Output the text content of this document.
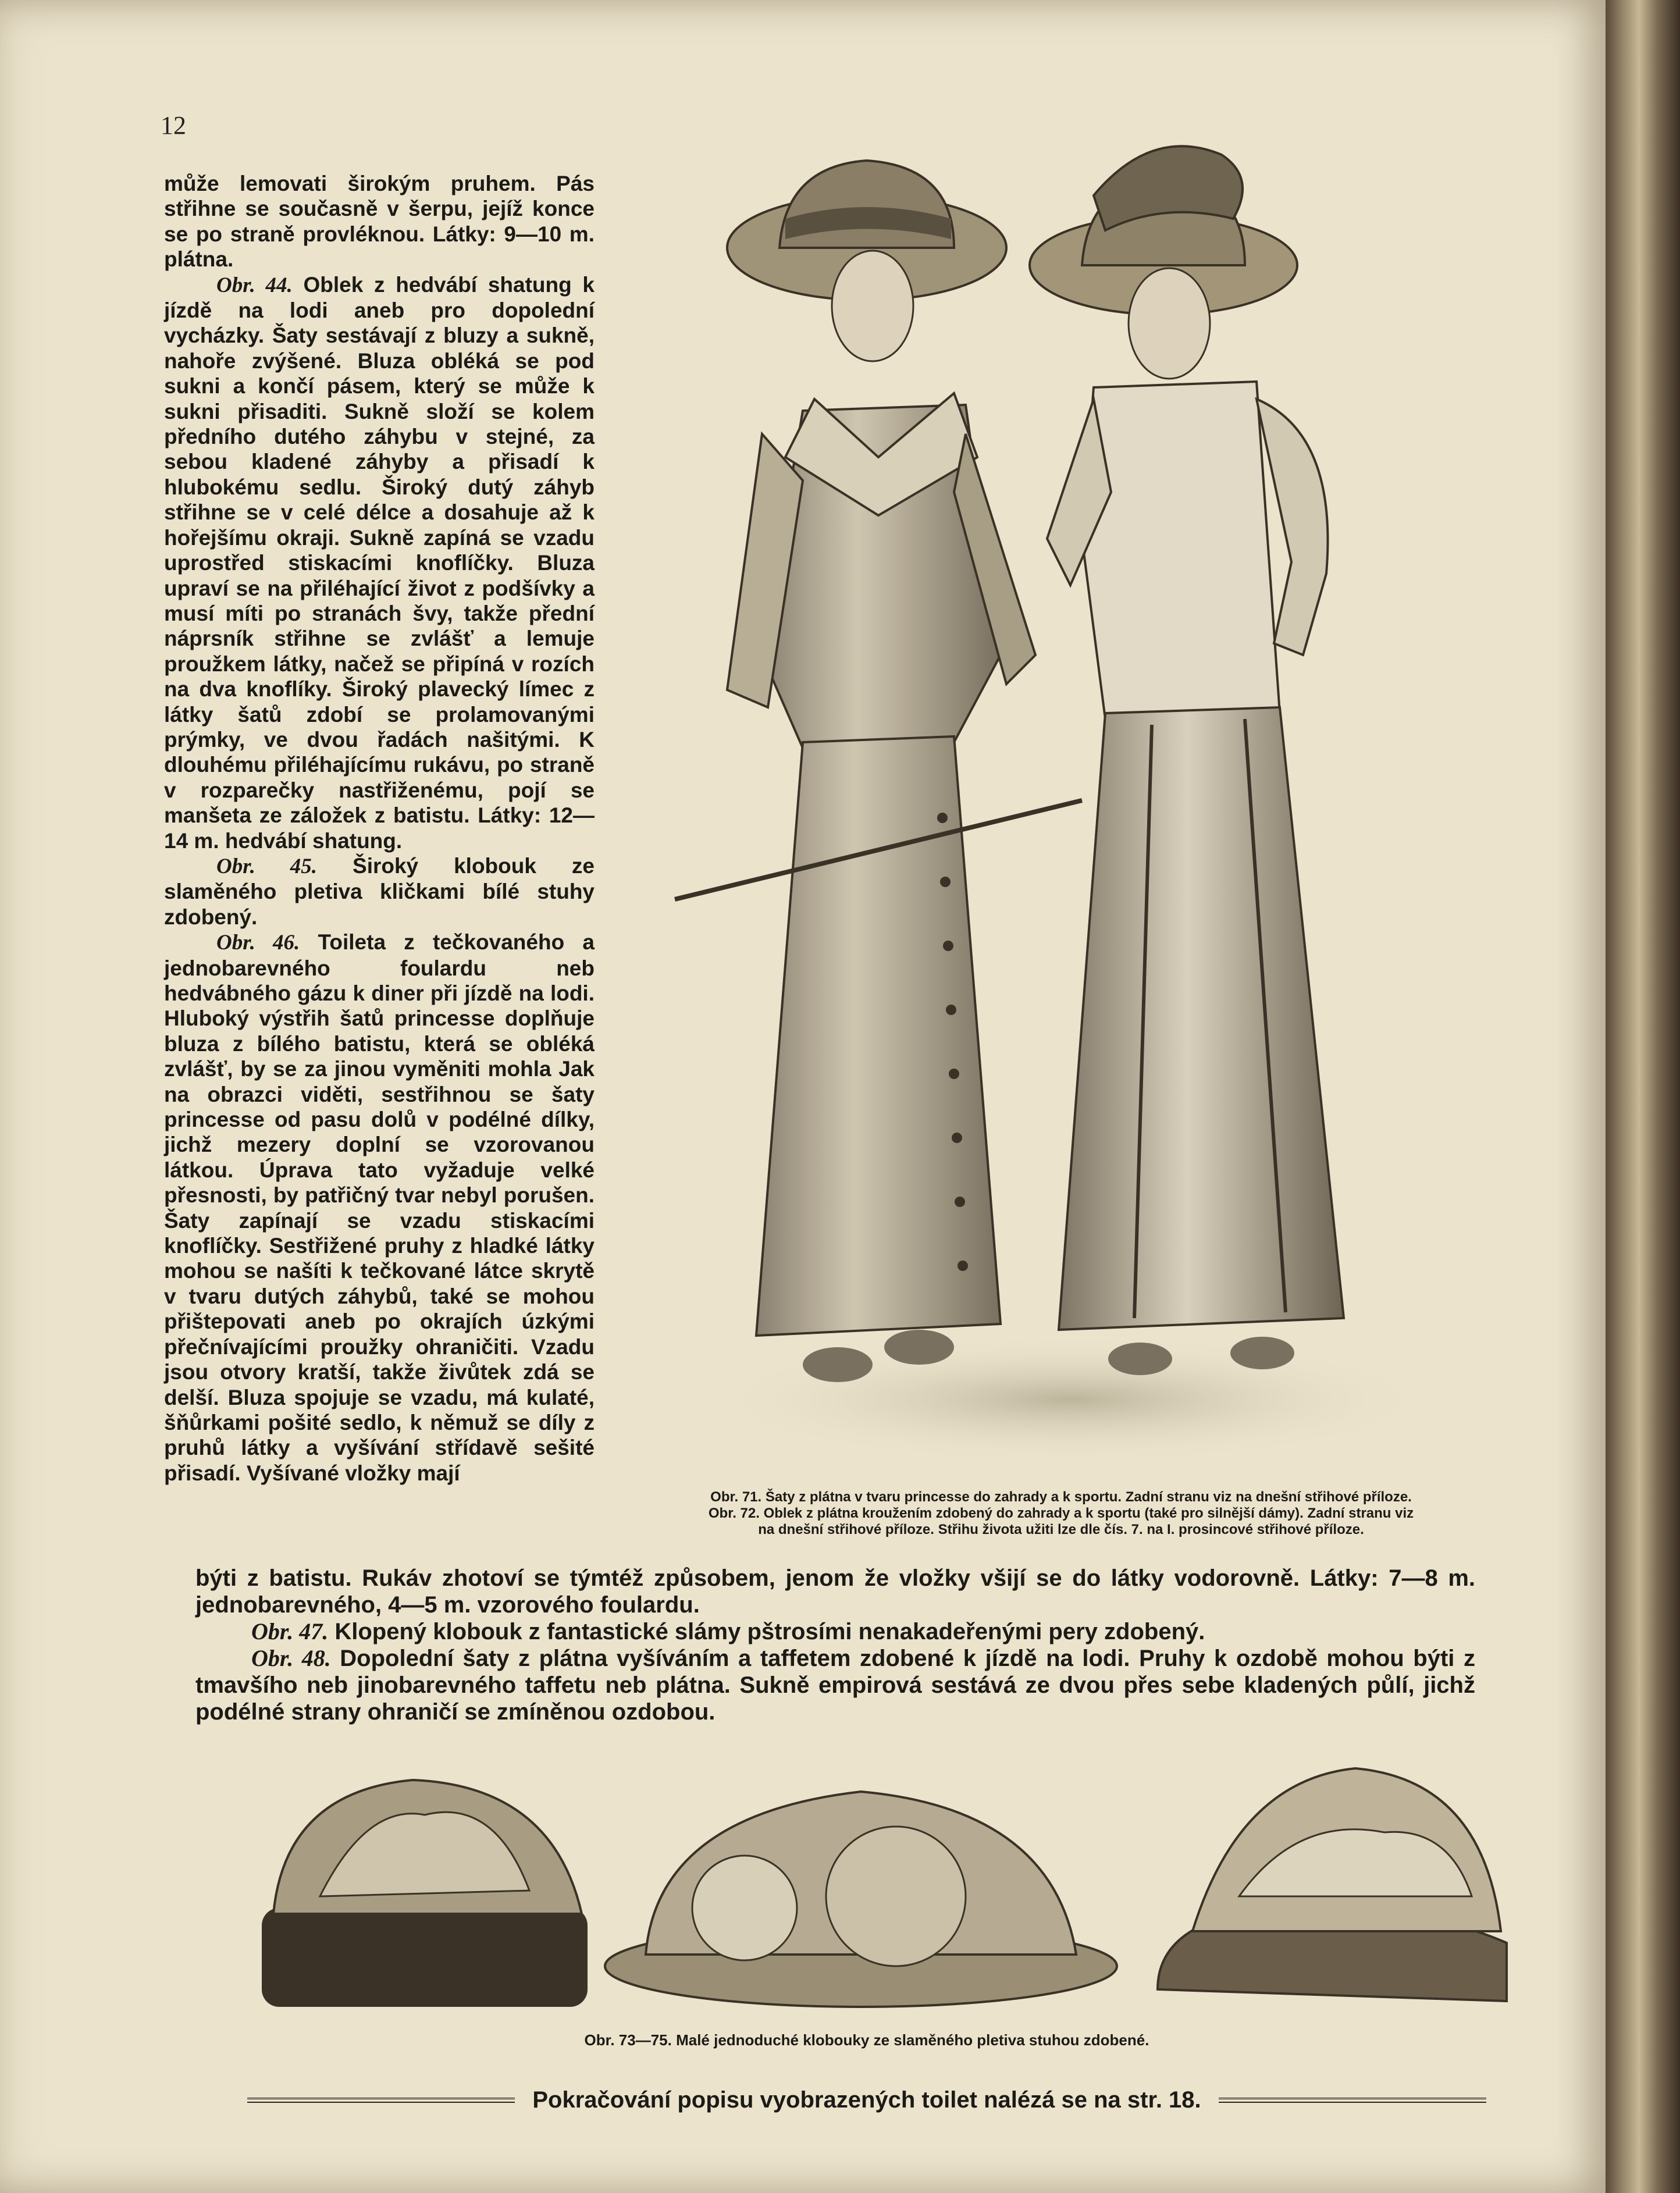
12

může lemovati širokým pruhem. Pás střihne se současně v šerpu, jejíž konce se po straně provléknou. Látky: 9—10 m. plátna.

Obr. 44. Oblek z hedvábí shatung k jízdě na lodi aneb pro dopolední vycházky. Šaty sestávají z bluzy a sukně, nahoře zvýšené. Bluza obléká se pod sukni a končí pásem, který se může k sukni přisaditi. Sukně složí se kolem předního dutého záhybu v stejné, za sebou kladené záhyby a přisadí k hlubokému sedlu. Široký dutý záhyb střihne se v celé délce a dosahuje až k hořejšímu okraji. Sukně zapíná se vzadu uprostřed stiskacími knoflíčky. Bluza upraví se na přiléhající život z podšívky a musí míti po stranách švy, takže přední náprsník střihne se zvlášť a lemuje proužkem látky, načež se připíná v rozích na dva knoflíky. Široký plavecký límec z látky šatů zdobí se prolamovanými prýmky, ve dvou řadách našitými. K dlouhému přiléhajícímu rukávu, po straně v rozparečky nastřiženému, pojí se manšeta ze záložek z batistu. Látky: 12—14 m. hedvábí shatung.

Obr. 45. Široký klobouk ze slaměného pletiva kličkami bílé stuhy zdobený.

Obr. 46. Toileta z tečkovaného a jednobarevného foulardu neb hedvábného gázu k diner při jízdě na lodi. Hluboký výstřih šatů princesse doplňuje bluza z bílého batistu, která se obléká zvlášť, by se za jinou vyměniti mohla Jak na obrazci viděti, sestřihnou se šaty princesse od pasu dolů v podélné dílky, jichž mezery doplní se vzorovanou látkou. Úprava tato vyžaduje velké přesnosti, by patřičný tvar nebyl porušen. Šaty zapínají se vzadu stiskacími knoflíčky. Sestřižené pruhy z hladké látky mohou se našíti k tečkované látce skrytě v tvaru dutých záhybů, také se mohou přištepovati aneb po okrajích úzkými přečnívajícími proužky ohraničiti. Vzadu jsou otvory kratší, takže živůtek zdá se delší. Bluza spojuje se vzadu, má kulaté, šňůrkami pošité sedlo, k němuž se díly z pruhů látky a vyšívání střídavě sešité přisadí. Vyšívané vložky mají

Obr. 71. Šaty z plátna v tvaru princesse do zahrady a k sportu. Zadní stranu viz na dnešní střihové příloze.
Obr. 72. Oblek z plátna kroužením zdobený do zahrady a k sportu (také pro silnější dámy). Zadní stranu viz
na dnešní střihové příloze. Střihu života užiti lze dle čís. 7. na I. prosincové střihové příloze.

býti z batistu. Rukáv zhotoví se týmtéž způsobem, jenom že vložky všijí se do látky vodorovně. Látky: 7—8 m. jednobarevného, 4—5 m. vzorového foulardu.

Obr. 47. Klopený klobouk z fantastické slámy pštrosími nenakadeřenými pery zdobený.

Obr. 48. Dopolední šaty z plátna vyšíváním a taffetem zdobené k jízdě na lodi. Pruhy k ozdobě mohou býti z tmavšího neb jinobarevného taffetu neb plátna. Sukně empirová sestává ze dvou přes sebe kladených půlí, jichž podélné strany ohraničí se zmíněnou ozdobou.

Obr. 73—75. Malé jednoduché klobouky ze slaměného pletiva stuhou zdobené.
Pokračování popisu vyobrazených toilet nalézá se na str. 18.
